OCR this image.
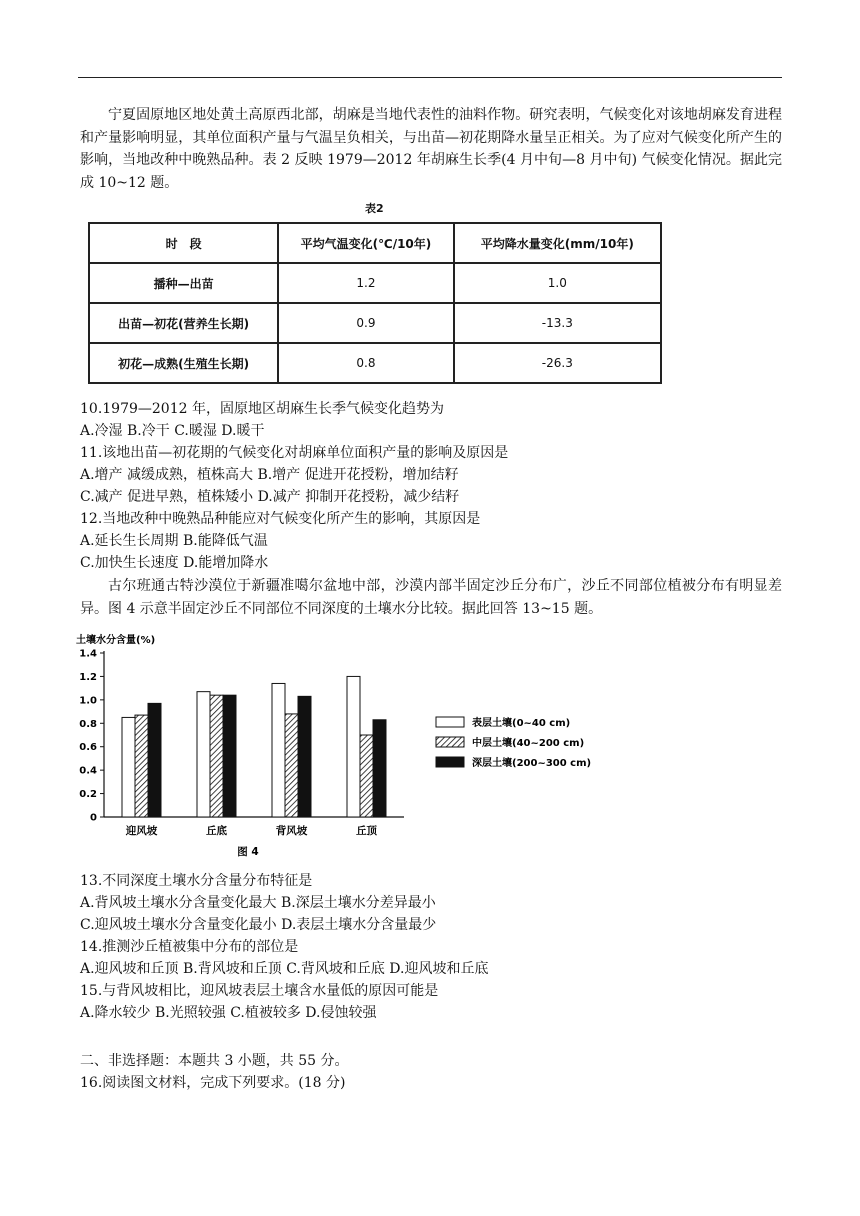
宁夏固原地区地处黄土高原西北部，胡麻是当地代表性的油料作物。研究表明，气候变化对该地胡麻发育进程和产量影响明显，其单位面积产量与气温呈负相关，与出苗—初花期降水量呈正相关。为了应对气候变化所产生的影响，当地改种中晚熟品种。表 2 反映 1979—2012 年胡麻生长季(4 月中旬—8 月中旬) 气候变化情况。据此完成 10~12 题。
表2
时　段	平均气温变化(℃/10年)	平均降水量变化(mm/10年)
播种—出苗	1.2	1.0
出苗—初花(营养生长期)	0.9	-13.3
初花—成熟(生殖生长期)	0.8	-26.3
10.1979—2012 年，固原地区胡麻生长季气候变化趋势为
A.冷湿 B.冷干 C.暖湿 D.暖干
11.该地出苗—初花期的气候变化对胡麻单位面积产量的影响及原因是
A.增产 减缓成熟，植株高大 B.增产 促进开花授粉，增加结籽
C.减产 促进早熟，植株矮小 D.减产 抑制开花授粉，减少结籽
12.当地改种中晚熟品种能应对气候变化所产生的影响，其原因是
A.延长生长周期 B.能降低气温
C.加快生长速度 D.能增加降水
古尔班通古特沙漠位于新疆准噶尔盆地中部，沙漠内部半固定沙丘分布广，沙丘不同部位植被分布有明显差异。图 4 示意半固定沙丘不同部位不同深度的土壤水分比较。据此回答 13~15 题。
土壤水分含量(%)
0
0.2
0.4
0.6
0.8
1.0
1.2
1.4
迎风坡	丘底	背风坡	丘顶
表层土壤(0~40 cm)
中层土壤(40~200 cm)
深层土壤(200~300 cm)
图 4
13.不同深度土壤水分含量分布特征是
A.背风坡土壤水分含量变化最大 B.深层土壤水分差异最小
C.迎风坡土壤水分含量变化最小 D.表层土壤水分含量最少
14.推测沙丘植被集中分布的部位是
A.迎风坡和丘顶 B.背风坡和丘顶 C.背风坡和丘底 D.迎风坡和丘底
15.与背风坡相比，迎风坡表层土壤含水量低的原因可能是
A.降水较少 B.光照较强 C.植被较多 D.侵蚀较强
二、非选择题：本题共 3 小题，共 55 分。
16.阅读图文材料，完成下列要求。(18 分)
